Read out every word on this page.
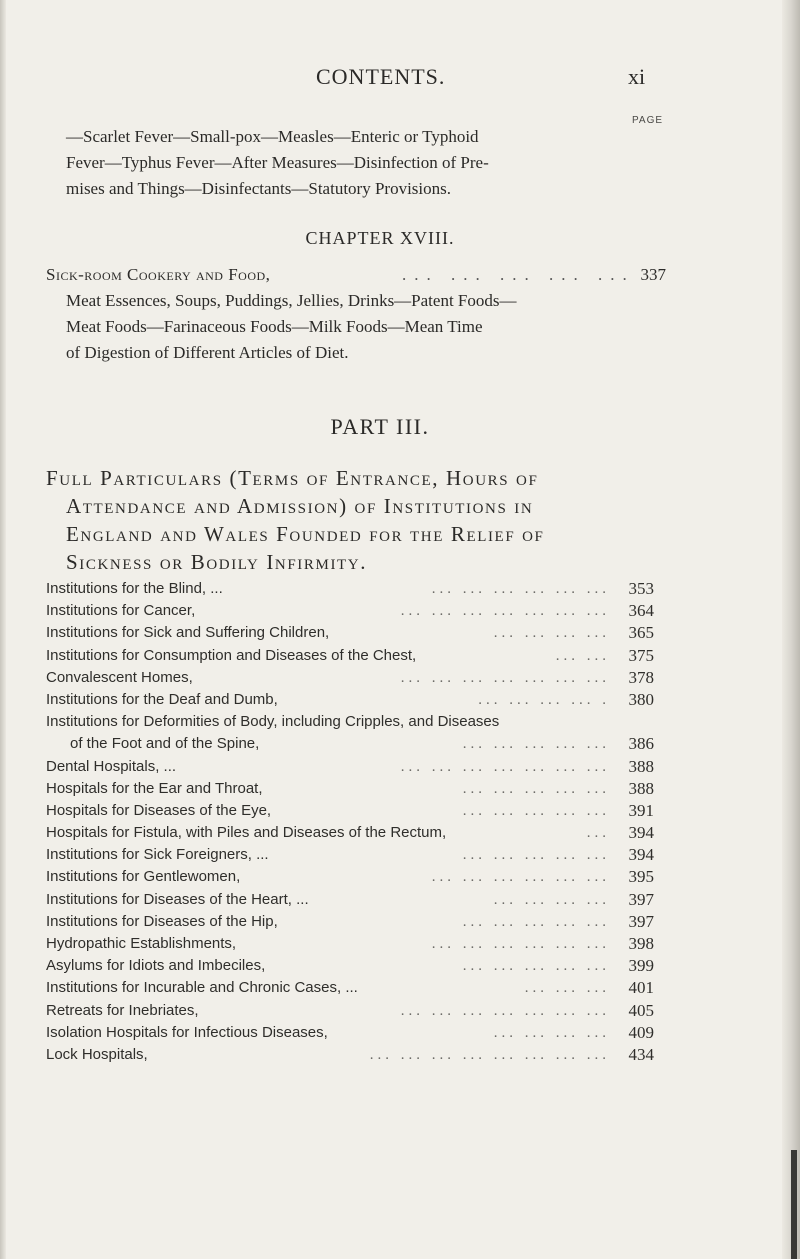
CONTENTS.	xi
PAGE
—Scarlet Fever—Small-pox—Measles—Enteric or Typhoid
Fever—Typhus Fever—After Measures—Disinfection of Pre-
mises and Things—Disinfectants—Statutory Provisions.
CHAPTER XVIII.
Sick-room Cookery and Food,	... ... ... ... ... 337
Meat Essences, Soups, Puddings, Jellies, Drinks—Patent Foods—
Meat Foods—Farinaceous Foods—Milk Foods—Mean Time
of Digestion of Different Articles of Diet.
PART III.
Full Particulars (Terms of Entrance, Hours of
Attendance and Admission) of Institutions in
England and Wales Founded for the Relief of
Sickness or Bodily Infirmity.
Institutions for the Blind, ...	... ... ... ... ... ... 353
Institutions for Cancer,	... ... ... ... ... ... ... 364
Institutions for Sick and Suffering Children,	... ... ... ... 365
Institutions for Consumption and Diseases of the Chest,	... ... 375
Convalescent Homes,	... ... ... ... ... ... ... 378
Institutions for the Deaf and Dumb,	... ... ... ... . 380
Institutions for Deformities of Body, including Cripples, and Diseases
of the Foot and of the Spine,	... ... ... ... ... 386
Dental Hospitals, ...	... ... ... ... ... ... ... 388
Hospitals for the Ear and Throat,	... ... ... ... ... 388
Hospitals for Diseases of the Eye,	... ... ... ... ... 391
Hospitals for Fistula, with Piles and Diseases of the Rectum,	... 394
Institutions for Sick Foreigners, ...	... ... ... ... ... 394
Institutions for Gentlewomen,	... ... ... ... ... ... 395
Institutions for Diseases of the Heart, ...	... ... ... ... 397
Institutions for Diseases of the Hip,	... ... ... ... ... 397
Hydropathic Establishments,	... ... ... ... ... ... 398
Asylums for Idiots and Imbeciles,	... ... ... ... ... 399
Institutions for Incurable and Chronic Cases, ...	... ... ... 401
Retreats for Inebriates,	... ... ... ... ... ... ... 405
Isolation Hospitals for Infectious Diseases,	... ... ... ... 409
Lock Hospitals,	... ... ... ... ... ... ... ... 434
